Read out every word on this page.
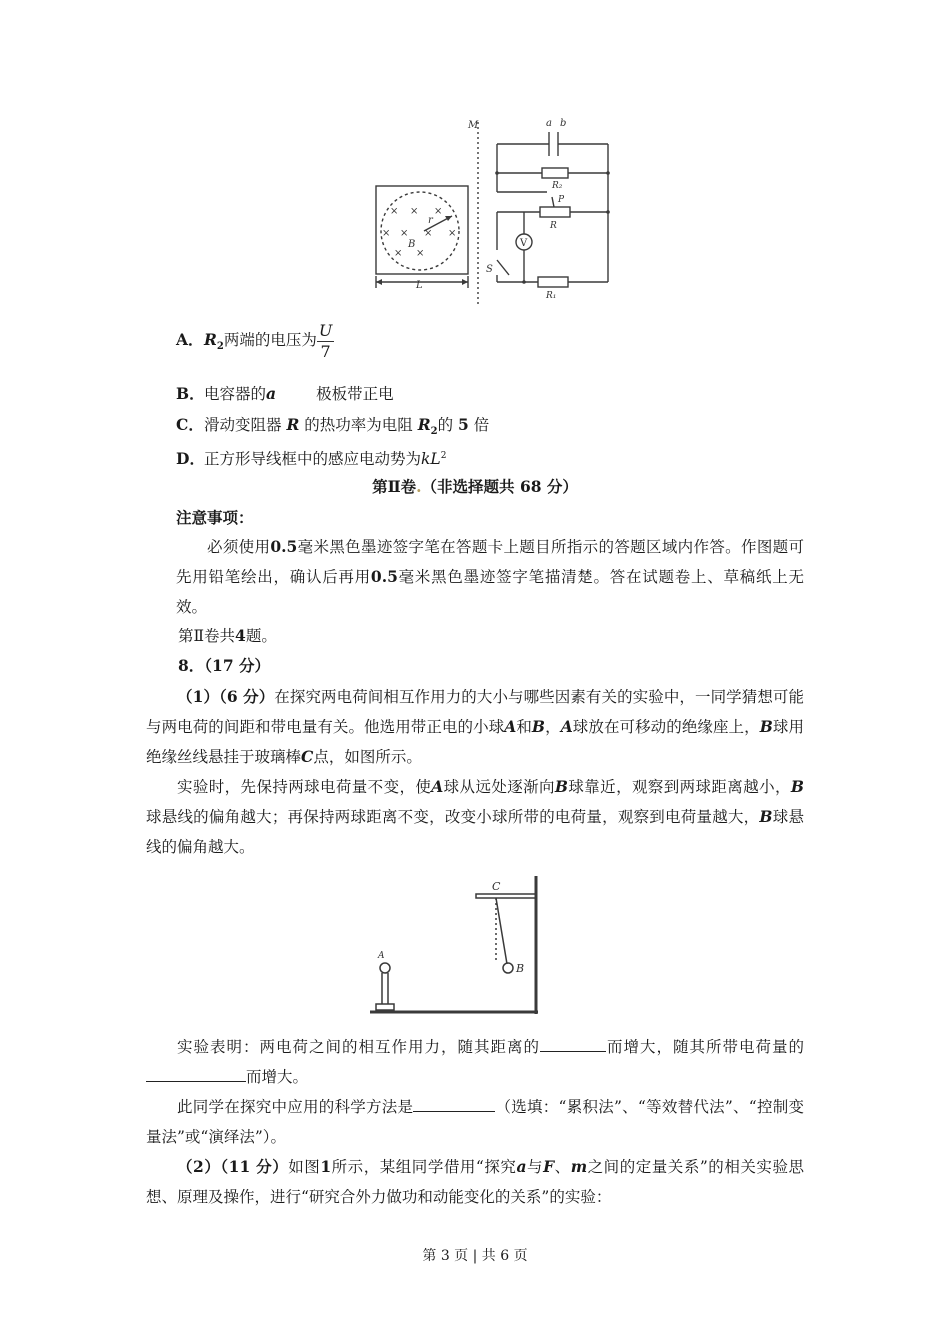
× × ×
× × × ×
× ×
B
r
L
M	a b
R₂
P
R
V
S
R₁
A．$R_2$两端的电压为 $\frac{U}{7}$
B．电容器的a	极板带正电
C．滑动变阻器 R 的热功率为电阻 $R_2$的 5 倍
D．正方形导线框中的感应电动势为$kL^2$
第Ⅱ卷.（非选择题共 68 分）
注意事项：
必须使用0.5毫米黑色墨迹签字笔在答题卡上题目所指示的答题区域内作答。作图题可先用铅笔绘出，确认后再用0.5毫米黑色墨迹签字笔描清楚。答在试题卷上、草稿纸上无效。
第Ⅱ卷共4题。
8．（17 分）
（1）（6 分）在探究两电荷间相互作用力的大小与哪些因素有关的实验中，一同学猜想可能与两电荷的间距和带电量有关。他选用带正电的小球A和B，A球放在可移动的绝缘座上，B球用绝缘丝线悬挂于玻璃棒C点，如图所示。
实验时，先保持两球电荷量不变，使A球从远处逐渐向B球靠近，观察到两球距离越小，B球悬线的偏角越大；再保持两球距离不变，改变小球所带的电荷量，观察到电荷量越大，B球悬线的偏角越大。
C
B
A
实验表明：两电荷之间的相互作用力，随其距离的	而增大，随其所带电荷量的而增大。
此同学在探究中应用的科学方法是	（选填：“累积法”、“等效替代法”、“控制变量法”或“演绎法”）。
（2）（11 分）如图1所示，某组同学借用“探究a与F、m之间的定量关系”的相关实验思想、原理及操作，进行“研究合外力做功和动能变化的关系”的实验：
第 3 页 | 共 6 页
